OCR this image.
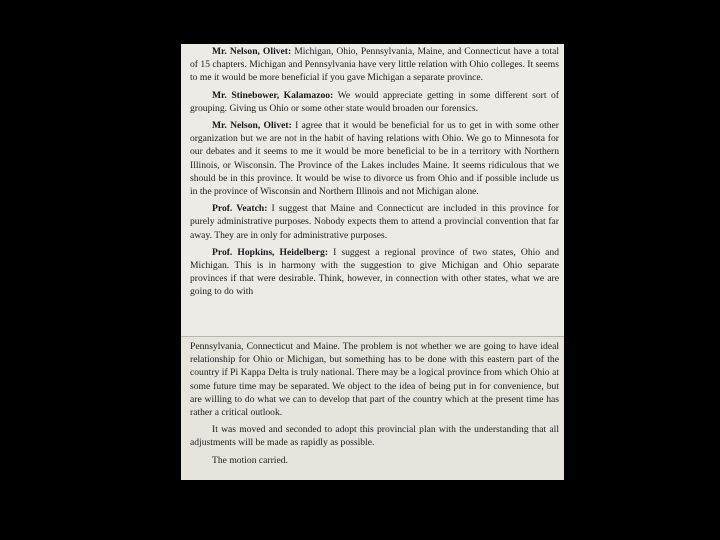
Mr. Nelson, Olivet: Michigan, Ohio, Pennsylvania, Maine, and Connecticut have a total of 15 chapters. Michigan and Pennsylvania have very little relation with Ohio colleges. It seems to me it would be more beneficial if you gave Michigan a separate province.

Mr. Stinebower, Kalamazoo: We would appreciate getting in some different sort of grouping. Giving us Ohio or some other state would broaden our forensics.

Mr. Nelson, Olivet: I agree that it would be beneficial for us to get in with some other organization but we are not in the habit of having relations with Ohio. We go to Minnesota for our debates and it seems to me it would be more beneficial to be in a territory with Northern Illinois, or Wisconsin. The Province of the Lakes includes Maine. It seems ridiculous that we should be in this province. It would be wise to divorce us from Ohio and if possible include us in the province of Wisconsin and Northern Illinois and not Michigan alone.

Prof. Veatch: I suggest that Maine and Connecticut are included in this province for purely administrative purposes. Nobody expects them to attend a provincial convention that far away. They are in only for administrative purposes.

Prof. Hopkins, Heidelberg: I suggest a regional province of two states, Ohio and Michigan. This is in harmony with the suggestion to give Michigan and Ohio separate provinces if that were desirable. Think, however, in connection with other states, what we are going to do with

Pennsylvania, Connecticut and Maine. The problem is not whether we are going to have ideal relationship for Ohio or Michigan, but something has to be done with this eastern part of the country if Pi Kappa Delta is truly national. There may be a logical province from which Ohio at some future time may be separated. We object to the idea of being put in for convenience, but are willing to do what we can to develop that part of the country which at the present time has rather a critical outlook.

It was moved and seconded to adopt this provincial plan with the understanding that all adjustments will be made as rapidly as possible.

The motion carried.
